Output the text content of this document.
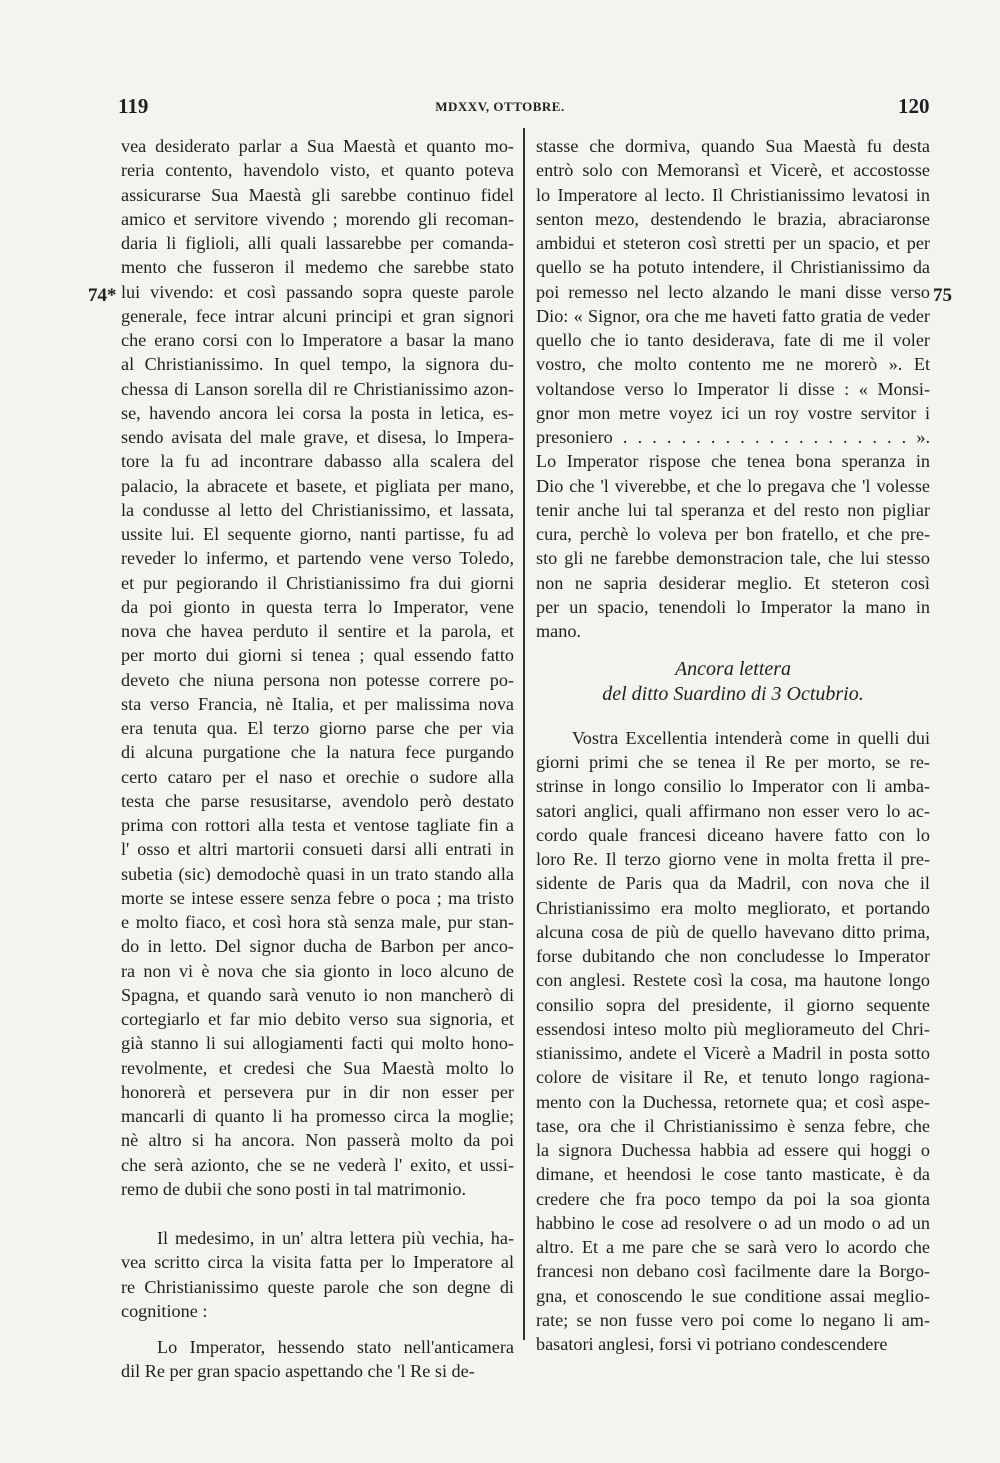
119	MDXXV, OTTOBRE.	120
74*	75
vea desiderato parlar a Sua Maestà et quanto mo-
reria contento, havendolo visto, et quanto poteva
assicurarse Sua Maestà gli sarebbe continuo fidel
amico et servitore vivendo ; morendo gli recoman-
daria li figlioli, alli quali lassarebbe per comanda-
mento che fusseron il medemo che sarebbe stato
lui vivendo: et così passando sopra queste parole
generale, fece intrar alcuni principi et gran signori
che erano corsi con lo Imperatore a basar la mano
al Christianissimo. In quel tempo, la signora du-
chessa di Lanson sorella dil re Christianissimo azon-
se, havendo ancora lei corsa la posta in letica, es-
sendo avisata del male grave, et disesa, lo Impera-
tore la fu ad incontrare dabasso alla scalera del
palacio, la abracete et basete, et pigliata per mano,
la condusse al letto del Christianissimo, et lassata,
ussite lui. El sequente giorno, nanti partisse, fu ad
reveder lo infermo, et partendo vene verso Toledo,
et pur pegiorando il Christianissimo fra dui giorni
da poi gionto in questa terra lo Imperator, vene
nova che havea perduto il sentire et la parola, et
per morto dui giorni si tenea ; qual essendo fatto
deveto che niuna persona non potesse correre po-
sta verso Francia, nè Italia, et per malissima nova
era tenuta qua. El terzo giorno parse che per via
di alcuna purgatione che la natura fece purgando
certo cataro per el naso et orechie o sudore alla
testa che parse resusitarse, avendolo però destato
prima con rottori alla testa et ventose tagliate fin a
l' osso et altri martorii consueti darsi alli entrati in
subetia (sic) demodochè quasi in un trato stando alla
morte se intese essere senza febre o poca ; ma tristo
e molto fiaco, et così hora stà senza male, pur stan-
do in letto. Del signor ducha de Barbon per anco-
ra non vi è nova che sia gionto in loco alcuno de
Spagna, et quando sarà venuto io non mancherò di
cortegiarlo et far mio debito verso sua signoria, et
già stanno li sui allogiamenti facti qui molto hono-
revolmente, et credesi che Sua Maestà molto lo
honorerà et persevera pur in dir non esser per
mancarli di quanto li ha promesso circa la moglie;
nè altro si ha ancora. Non passerà molto da poi
che serà azionto, che se ne vederà l' exito, et ussi-
remo de dubii che sono posti in tal matrimonio.
Il medesimo, in un' altra lettera più vechia, ha-
vea scritto circa la visita fatta per lo Imperatore al
re Christianissimo queste parole che son degne di
cognitione :
Lo Imperator, hessendo stato nell'anticamera
dil Re per gran spacio aspettando che 'l Re si de-
stasse che dormiva, quando Sua Maestà fu desta
entrò solo con Memoransì et Vicerè, et accostosse
lo Imperatore al lecto. Il Christianissimo levatosi in
senton mezo, destendendo le brazia, abraciaronse
ambidui et steteron così stretti per un spacio, et per
quello se ha potuto intendere, il Christianissimo da
poi remesso nel lecto alzando le mani disse verso
Dio: « Signor, ora che me haveti fatto gratia de veder
quello che io tanto desiderava, fate di me il voler
vostro, che molto contento me ne morerò ». Et
voltandose verso lo Imperator li disse : « Monsi-
gnor mon metre voyez ici un roy vostre servitor i
presoniero . . . . . . . . . . . . . . . . . . . . ».
Lo Imperator rispose che tenea bona speranza in
Dio che 'l viverebbe, et che lo pregava che 'l volesse
tenir anche lui tal speranza et del resto non pigliar
cura, perchè lo voleva per bon fratello, et che pre-
sto gli ne farebbe demonstracion tale, che lui stesso
non ne sapria desiderar meglio. Et steteron così
per un spacio, tenendoli lo Imperator la mano in
mano.
Ancora lettera
del ditto Suardino di 3 Octubrio.
Vostra Excellentia intenderà come in quelli dui
giorni primi che se tenea il Re per morto, se re-
strinse in longo consilio lo Imperator con li amba-
satori anglici, quali affirmano non esser vero lo ac-
cordo quale francesi diceano havere fatto con lo
loro Re. Il terzo giorno vene in molta fretta il pre-
sidente de Paris qua da Madril, con nova che il
Christianissimo era molto megliorato, et portando
alcuna cosa de più de quello havevano ditto prima,
forse dubitando che non concludesse lo Imperator
con anglesi. Restete così la cosa, ma hautone longo
consilio sopra del presidente, il giorno sequente
essendosi inteso molto più megliorameuto del Chri-
stianissimo, andete el Vicerè a Madril in posta sotto
colore de visitare il Re, et tenuto longo ragiona-
mento con la Duchessa, retornete qua; et così aspe-
tase, ora che il Christianissimo è senza febre, che
la signora Duchessa habbia ad essere qui hoggi o
dimane, et heendosi le cose tanto masticate, è da
credere che fra poco tempo da poi la soa gionta
habbino le cose ad resolvere o ad un modo o ad un
altro. Et a me pare che se sarà vero lo acordo che
francesi non debano così facilmente dare la Borgo-
gna, et conoscendo le sue conditione assai meglio-
rate; se non fusse vero poi come lo negano li am-
basatori anglesi, forsi vi potriano condescendere
